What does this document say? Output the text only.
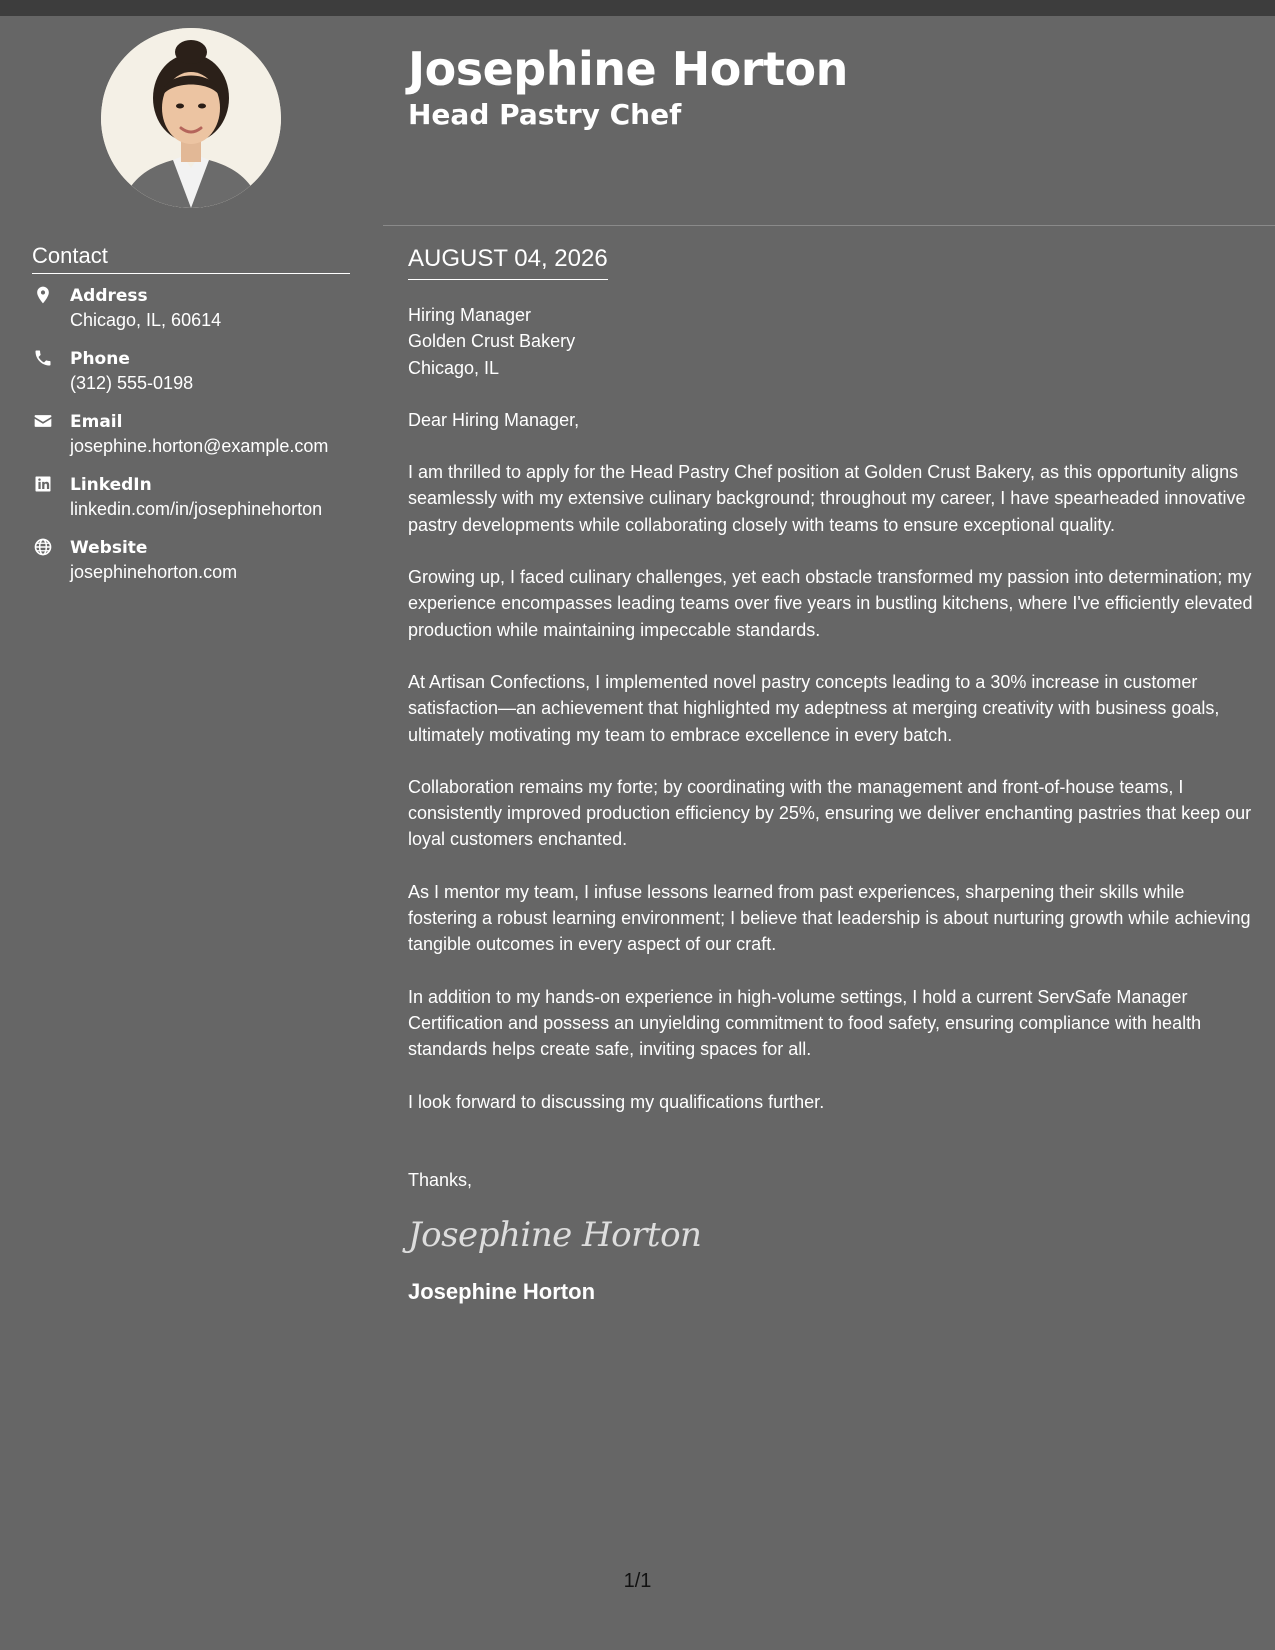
Contact
Address
Chicago, IL, 60614
Phone
(312) 555-0198
Email
josephine.horton@example.com
LinkedIn
linkedin.com/in/josephinehorton
Website
josephinehorton.com
Josephine Horton
Head Pastry Chef
AUGUST 04, 2026

Hiring Manager

Golden Crust Bakery

Chicago, IL

Dear Hiring Manager,

I am thrilled to apply for the Head Pastry Chef position at Golden Crust Bakery, as this opportunity aligns seamlessly with my extensive culinary background; throughout my career, I have spearheaded innovative pastry developments while collaborating closely with teams to ensure exceptional quality.

Growing up, I faced culinary challenges, yet each obstacle transformed my passion into determination; my experience encompasses leading teams over five years in bustling kitchens, where I've efficiently elevated production while maintaining impeccable standards.

At Artisan Confections, I implemented novel pastry concepts leading to a 30% increase in customer satisfaction—an achievement that highlighted my adeptness at merging creativity with business goals, ultimately motivating my team to embrace excellence in every batch.

Collaboration remains my forte; by coordinating with the management and front-of-house teams, I consistently improved production efficiency by 25%, ensuring we deliver enchanting pastries that keep our loyal customers enchanted.

As I mentor my team, I infuse lessons learned from past experiences, sharpening their skills while fostering a robust learning environment; I believe that leadership is about nurturing growth while achieving tangible outcomes in every aspect of our craft.

In addition to my hands-on experience in high-volume settings, I hold a current ServSafe Manager Certification and possess an unyielding commitment to food safety, ensuring compliance with health standards helps create safe, inviting spaces for all.

I look forward to discussing my qualifications further.

Thanks,

Josephine Horton

Josephine Horton

1/1
